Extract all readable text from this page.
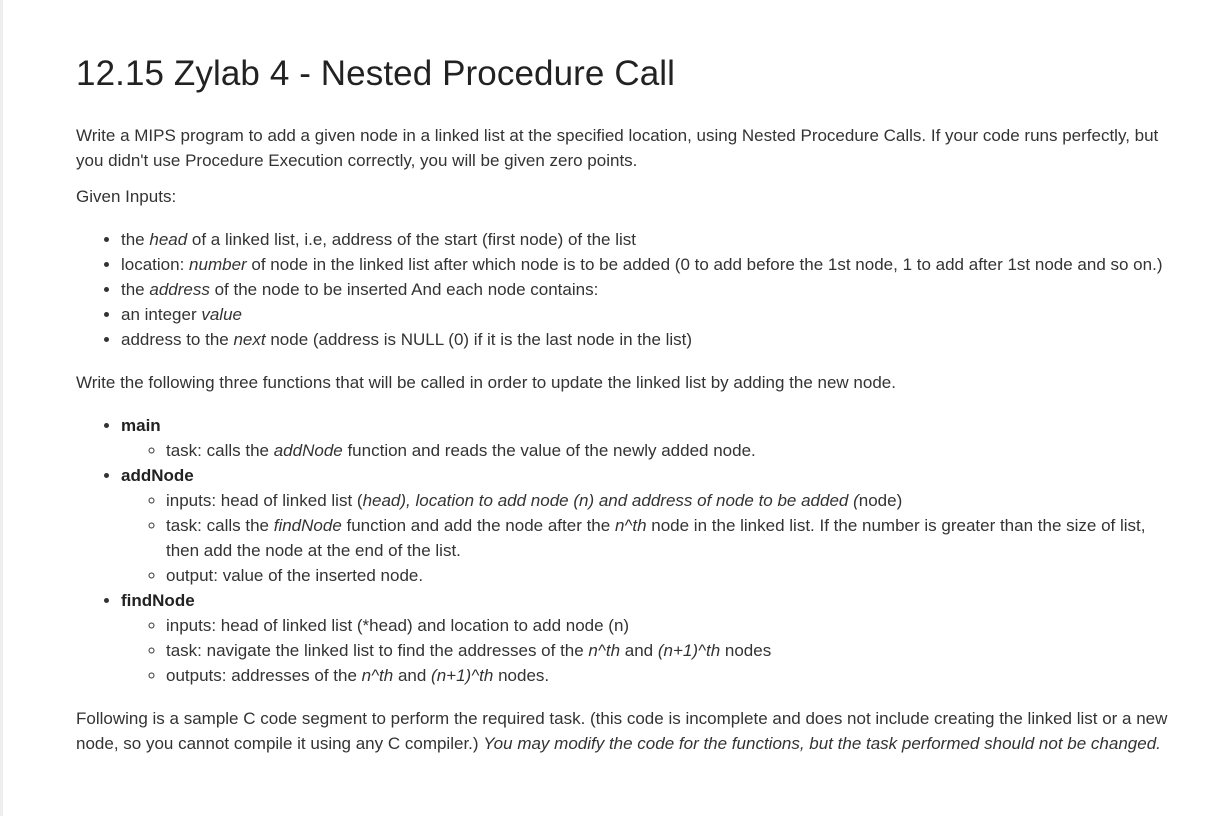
12.15 Zylab 4 - Nested Procedure Call

Write a MIPS program to add a given node in a linked list at the specified location, using Nested Procedure Calls. If your code runs perfectly, but you didn't use Procedure Execution correctly, you will be given zero points.

Given Inputs:

• the head of a linked list, i.e, address of the start (first node) of the list
• location: number of node in the linked list after which node is to be added (0 to add before the 1st node, 1 to add after 1st node and so on.)
• the address of the node to be inserted And each node contains:
• an integer value
• address to the next node (address is NULL (0) if it is the last node in the list)

Write the following three functions that will be called in order to update the linked list by adding the new node.

• main
◦ task: calls the addNode function and reads the value of the newly added node.
• addNode
◦ inputs: head of linked list (head), location to add node (n) and address of node to be added (node)
◦ task: calls the findNode function and add the node after the n^th node in the linked list. If the number is greater than the size of list, then add the node at the end of the list.
◦ output: value of the inserted node.
• findNode
◦ inputs: head of linked list (*head) and location to add node (n)
◦ task: navigate the linked list to find the addresses of the n^th and (n+1)^th nodes
◦ outputs: addresses of the n^th and (n+1)^th nodes.

Following is a sample C code segment to perform the required task. (this code is incomplete and does not include creating the linked list or a new node, so you cannot compile it using any C compiler.) You may modify the code for the functions, but the task performed should not be changed.
